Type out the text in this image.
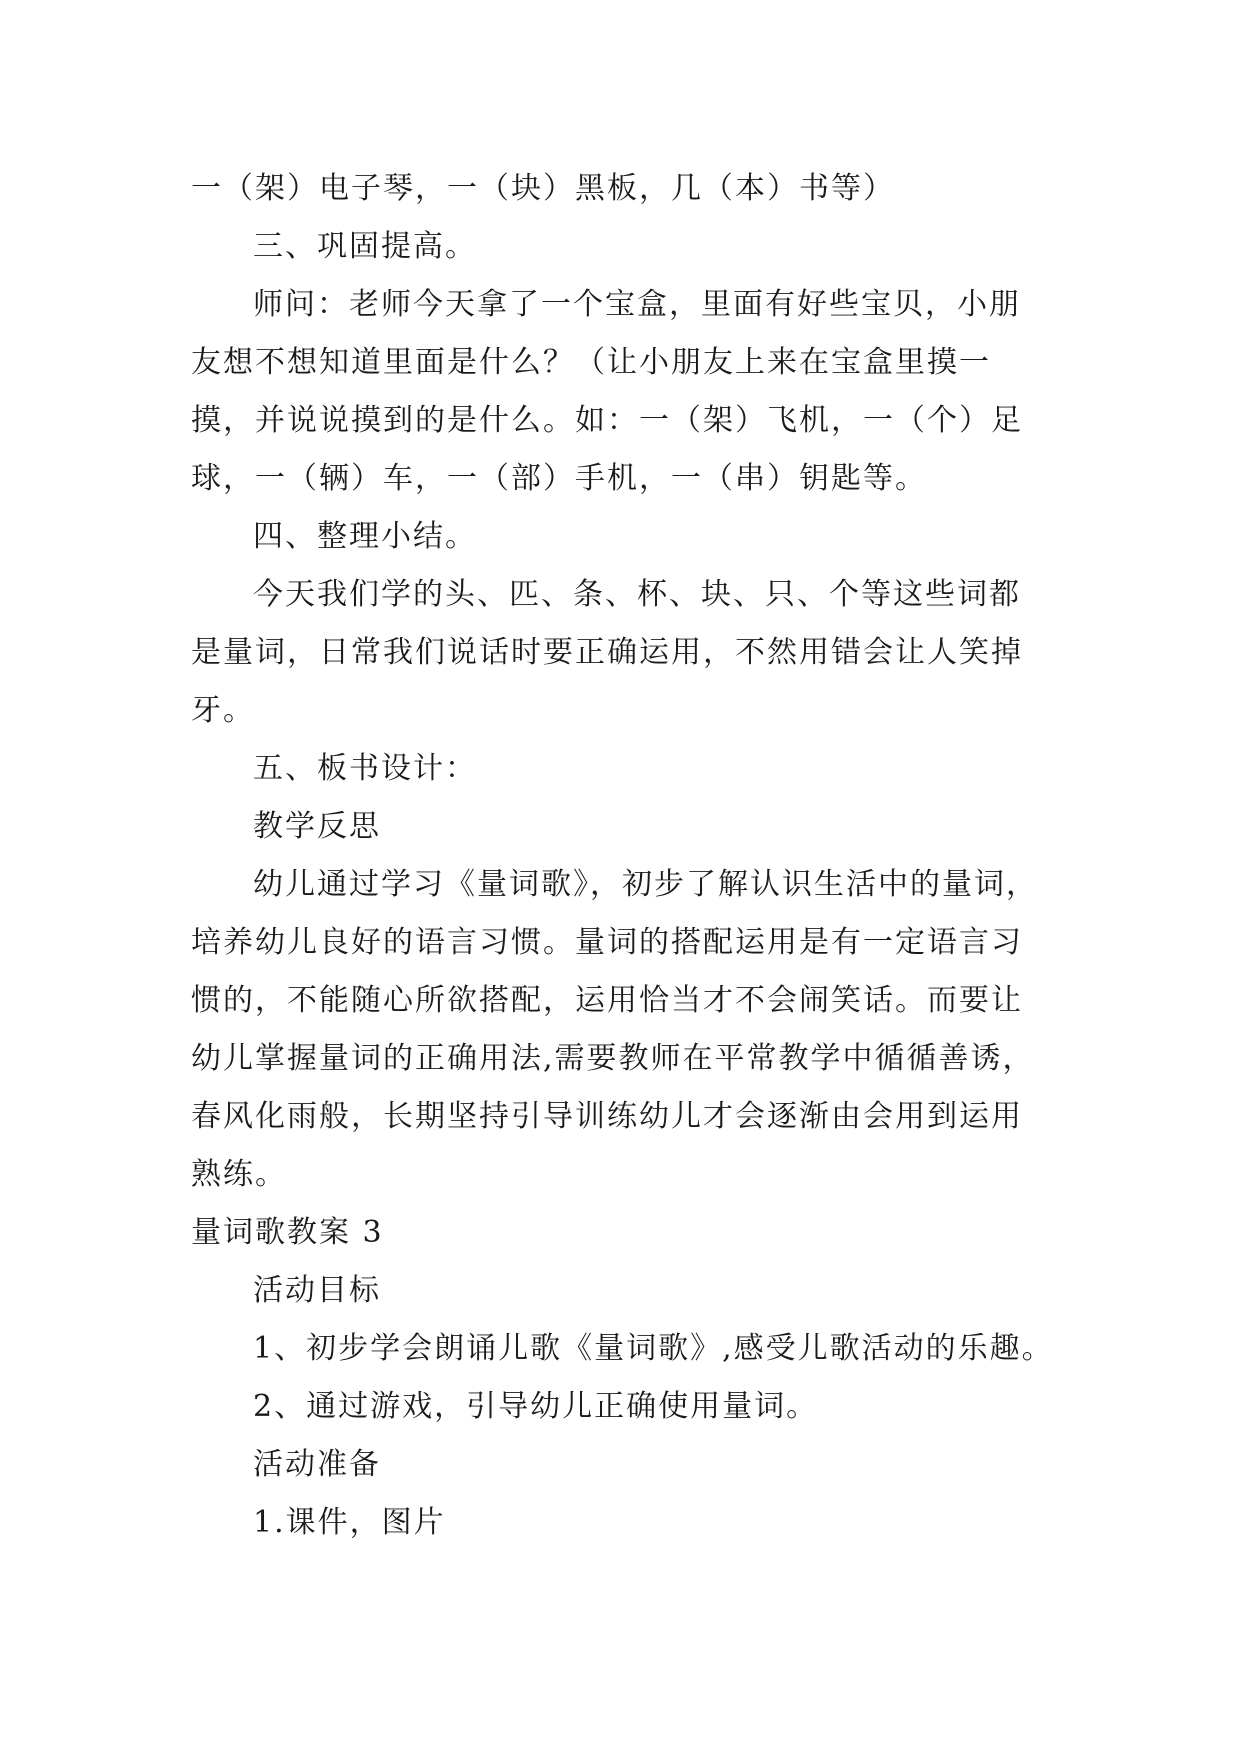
一（架）电子琴，一（块）黑板，几（本）书等）
三、巩固提高。
师问：老师今天拿了一个宝盒，里面有好些宝贝，小朋
友想不想知道里面是什么？（让小朋友上来在宝盒里摸一
摸，并说说摸到的是什么。如：一（架）飞机，一（个）足
球，一（辆）车，一（部）手机，一（串）钥匙等。
四、整理小结。
今天我们学的头、匹、条、杯、块、只、个等这些词都
是量词，日常我们说话时要正确运用，不然用错会让人笑掉
牙。
五、板书设计：
教学反思
幼儿通过学习《量词歌》，初步了解认识生活中的量词，
培养幼儿良好的语言习惯。量词的搭配运用是有一定语言习
惯的，不能随心所欲搭配，运用恰当才不会闹笑话。而要让
幼儿掌握量词的正确用法,需要教师在平常教学中循循善诱，
春风化雨般，长期坚持引导训练幼儿才会逐渐由会用到运用
熟练。
量词歌教案 3
活动目标
1、初步学会朗诵儿歌《量词歌》,感受儿歌活动的乐趣。
2、通过游戏，引导幼儿正确使用量词。
活动准备
1.课件，图片
